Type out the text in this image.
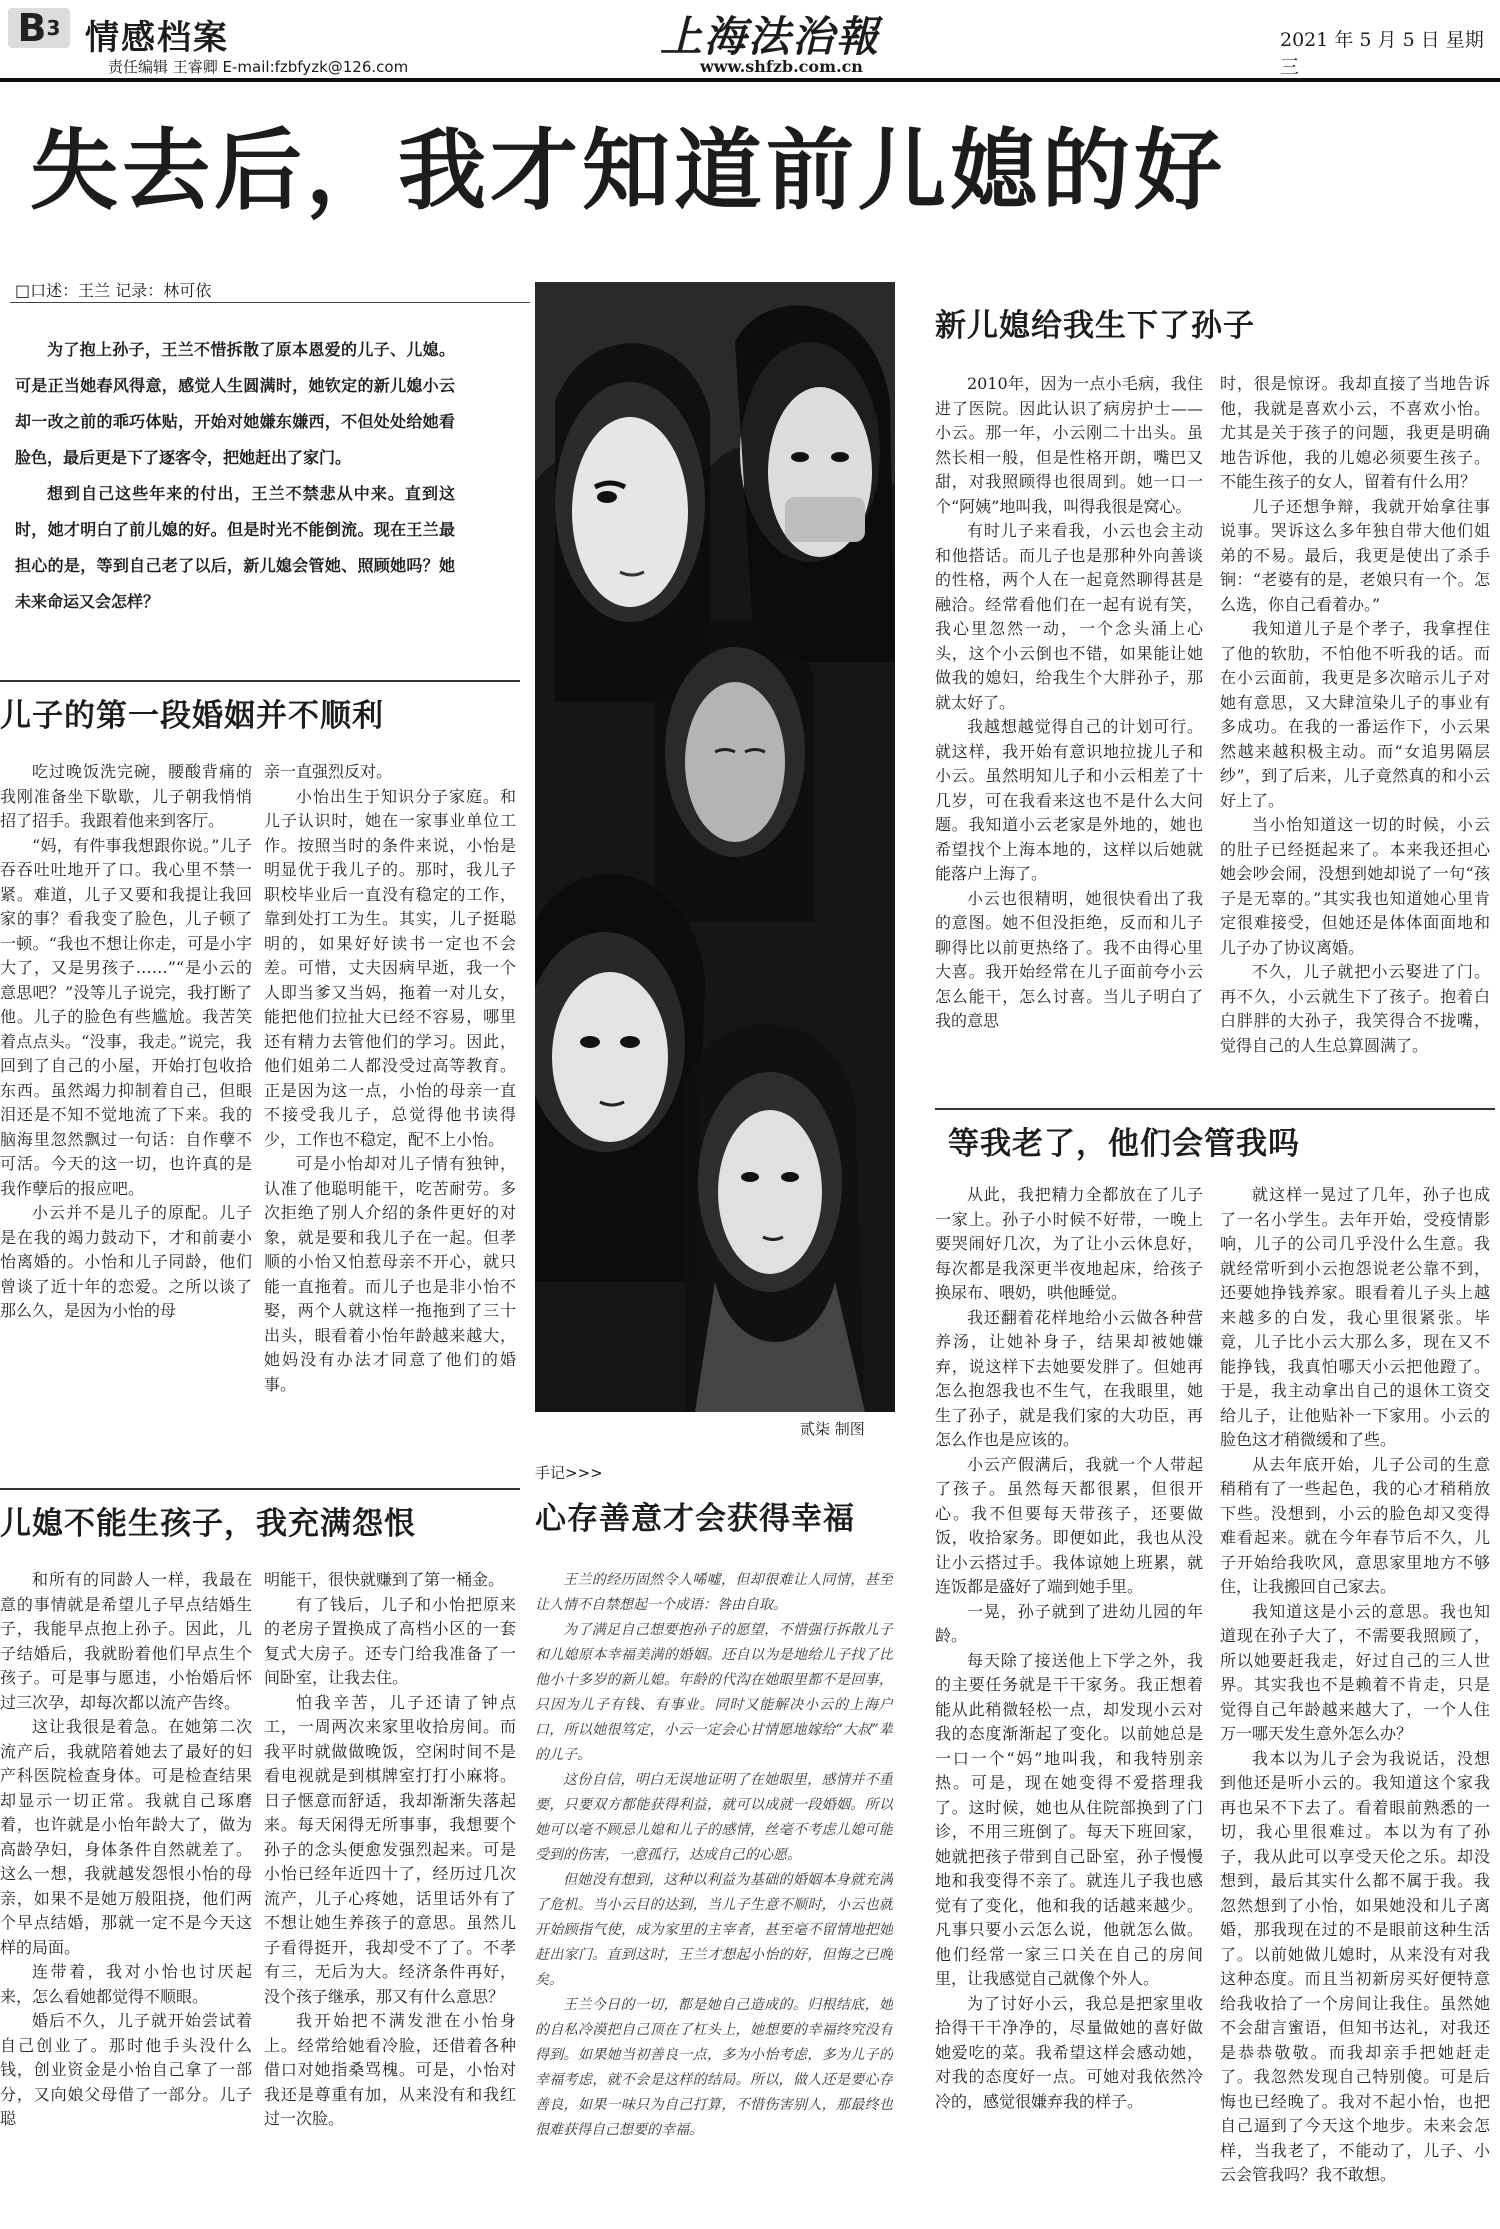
B3 情感档案
责任编辑 王睿卿 E-mail:fzbfyzk@126.com
上海法治報
www.shfzb.com.cn
2021 年 5 月 5 日 星期三
失去后，我才知道前儿媳的好
□口述：王兰 记录：林可依

为了抱上孙子，王兰不惜拆散了原本恩爱的儿子、儿媳。可是正当她春风得意，感觉人生圆满时，她钦定的新儿媳小云却一改之前的乖巧体贴，开始对她嫌东嫌西，不但处处给她看脸色，最后更是下了逐客令，把她赶出了家门。

想到自己这些年来的付出，王兰不禁悲从中来。直到这时，她才明白了前儿媳的好。但是时光不能倒流。现在王兰最担心的是，等到自己老了以后，新儿媳会管她、照顾她吗？她未来命运又会怎样？

儿子的第一段婚姻并不顺利

吃过晚饭洗完碗，腰酸背痛的我刚准备坐下歇歇，儿子朝我悄悄招了招手。我跟着他来到客厅。

“妈，有件事我想跟你说。”儿子吞吞吐吐地开了口。我心里不禁一紧。难道，儿子又要和我提让我回家的事？看我变了脸色，儿子顿了一顿。“我也不想让你走，可是小宇大了，又是男孩子……”“是小云的意思吧？”没等儿子说完，我打断了他。儿子的脸色有些尴尬。我苦笑着点点头。“没事，我走。”说完，我回到了自己的小屋，开始打包收拾东西。虽然竭力抑制着自己，但眼泪还是不知不觉地流了下来。我的脑海里忽然飘过一句话：自作孽不可活。今天的这一切，也许真的是我作孽后的报应吧。

小云并不是儿子的原配。儿子是在我的竭力鼓动下，才和前妻小怡离婚的。小怡和儿子同龄，他们曾谈了近十年的恋爱。之所以谈了那么久，是因为小怡的母

亲一直强烈反对。

小怡出生于知识分子家庭。和儿子认识时，她在一家事业单位工作。按照当时的条件来说，小怡是明显优于我儿子的。那时，我儿子职校毕业后一直没有稳定的工作，靠到处打工为生。其实，儿子挺聪明的，如果好好读书一定也不会差。可惜，丈夫因病早逝，我一个人即当爹又当妈，拖着一对儿女，能把他们拉扯大已经不容易，哪里还有精力去管他们的学习。因此，他们姐弟二人都没受过高等教育。正是因为这一点，小怡的母亲一直不接受我儿子，总觉得他书读得少，工作也不稳定，配不上小怡。

可是小怡却对儿子情有独钟，认准了他聪明能干，吃苦耐劳。多次拒绝了别人介绍的条件更好的对象，就是要和我儿子在一起。但孝顺的小怡又怕惹母亲不开心，就只能一直拖着。而儿子也是非小怡不娶，两个人就这样一拖拖到了三十出头，眼看着小怡年龄越来越大，她妈没有办法才同意了他们的婚事。

贰柒 制图
儿媳不能生孩子，我充满怨恨

和所有的同龄人一样，我最在意的事情就是希望儿子早点结婚生子，我能早点抱上孙子。因此，儿子结婚后，我就盼着他们早点生个孩子。可是事与愿违，小怡婚后怀过三次孕，却每次都以流产告终。

这让我很是着急。在她第二次流产后，我就陪着她去了最好的妇产科医院检查身体。可是检查结果却显示一切正常。我就自己琢磨着，也许就是小怡年龄大了，做为高龄孕妇，身体条件自然就差了。这么一想，我就越发怨恨小怡的母亲，如果不是她万般阻挠，他们两个早点结婚，那就一定不是今天这样的局面。

连带着，我对小怡也讨厌起来，怎么看她都觉得不顺眼。

婚后不久，儿子就开始尝试着自己创业了。那时他手头没什么钱，创业资金是小怡自己拿了一部分，又向娘父母借了一部分。儿子聪

明能干，很快就赚到了第一桶金。

有了钱后，儿子和小怡把原来的老房子置换成了高档小区的一套复式大房子。还专门给我准备了一间卧室，让我去住。

怕我辛苦，儿子还请了钟点工，一周两次来家里收拾房间。而我平时就做做晚饭，空闲时间不是看电视就是到棋牌室打打小麻将。日子惬意而舒适，我却渐渐失落起来。每天闲得无所事事，我想要个孙子的念头便愈发强烈起来。可是小怡已经年近四十了，经历过几次流产，儿子心疼她，话里话外有了不想让她生养孩子的意思。虽然儿子看得挺开，我却受不了了。不孝有三，无后为大。经济条件再好，没个孩子继承，那又有什么意思？

我开始把不满发泄在小怡身上。经常给她看冷脸，还借着各种借口对她指桑骂槐。可是，小怡对我还是尊重有加，从来没有和我红过一次脸。

手记>>>
心存善意才会获得幸福

王兰的经历固然令人唏嘘，但却很难让人同情，甚至让人情不自禁想起一个成语：咎由自取。

为了满足自己想要抱孙子的愿望，不惜强行拆散儿子和儿媳原本幸福美满的婚姻。还自以为是地给儿子找了比他小十多岁的新儿媳。年龄的代沟在她眼里都不是回事，只因为儿子有钱、有事业。同时又能解决小云的上海户口，所以她很笃定，小云一定会心甘情愿地嫁给“大叔”辈的儿子。

这份自信，明白无误地证明了在她眼里，感情并不重要，只要双方都能获得利益，就可以成就一段婚姻。所以她可以毫不顾忌儿媳和儿子的感情，丝毫不考虑儿媳可能受到的伤害，一意孤行，达成自己的心愿。

但她没有想到，这种以利益为基础的婚姻本身就充满了危机。当小云目的达到，当儿子生意不顺时，小云也就开始顾指气使，成为家里的主宰者，甚至毫不留情地把她赶出家门。直到这时，王兰才想起小怡的好，但悔之已晚矣。

王兰今日的一切，都是她自己造成的。归根结底，她的自私冷漠把自己顶在了杠头上，她想要的幸福终究没有得到。如果她当初善良一点，多为小怡考虑，多为儿子的幸福考虑，就不会是这样的结局。所以，做人还是要心存善良，如果一味只为自己打算，不惜伤害别人，那最终也很难获得自己想要的幸福。

新儿媳给我生下了孙子

2010年，因为一点小毛病，我住进了医院。因此认识了病房护士——小云。那一年，小云刚二十出头。虽然长相一般，但是性格开朗，嘴巴又甜，对我照顾得也很周到。她一口一个“阿姨”地叫我，叫得我很是窝心。

有时儿子来看我，小云也会主动和他搭话。而儿子也是那种外向善谈的性格，两个人在一起竟然聊得甚是融洽。经常看他们在一起有说有笑，我心里忽然一动，一个念头涌上心头，这个小云倒也不错，如果能让她做我的媳妇，给我生个大胖孙子，那就太好了。

我越想越觉得自己的计划可行。就这样，我开始有意识地拉拢儿子和小云。虽然明知儿子和小云相差了十几岁，可在我看来这也不是什么大问题。我知道小云老家是外地的，她也希望找个上海本地的，这样以后她就能落户上海了。

小云也很精明，她很快看出了我的意图。她不但没拒绝，反而和儿子聊得比以前更热络了。我不由得心里大喜。我开始经常在儿子面前夸小云怎么能干，怎么讨喜。当儿子明白了我的意思

时，很是惊讶。我却直接了当地告诉他，我就是喜欢小云，不喜欢小怡。尤其是关于孩子的问题，我更是明确地告诉他，我的儿媳必须要生孩子。不能生孩子的女人，留着有什么用？

儿子还想争辩，我就开始拿往事说事。哭诉这么多年独自带大他们姐弟的不易。最后，我更是使出了杀手锏：“老婆有的是，老娘只有一个。怎么选，你自己看着办。”

我知道儿子是个孝子，我拿捏住了他的软肋，不怕他不听我的话。而在小云面前，我更是多次暗示儿子对她有意思，又大肆渲染儿子的事业有多成功。在我的一番运作下，小云果然越来越积极主动。而“女追男隔层纱”，到了后来，儿子竟然真的和小云好上了。

当小怡知道这一切的时候，小云的肚子已经挺起来了。本来我还担心她会吵会闹，没想到她却说了一句“孩子是无辜的。”其实我也知道她心里肯定很难接受，但她还是体体面面地和儿子办了协议离婚。

不久，儿子就把小云娶进了门。再不久，小云就生下了孩子。抱着白白胖胖的大孙子，我笑得合不拢嘴，觉得自己的人生总算圆满了。

等我老了，他们会管我吗

从此，我把精力全都放在了儿子一家上。孙子小时候不好带，一晚上要哭闹好几次，为了让小云休息好，每次都是我深更半夜地起床，给孩子换尿布、喂奶，哄他睡觉。

我还翻着花样地给小云做各种营养汤，让她补身子，结果却被她嫌弃，说这样下去她要发胖了。但她再怎么抱怨我也不生气，在我眼里，她生了孙子，就是我们家的大功臣，再怎么作也是应该的。

小云产假满后，我就一个人带起了孩子。虽然每天都很累，但很开心。我不但要每天带孩子，还要做饭，收拾家务。即便如此，我也从没让小云搭过手。我体谅她上班累，就连饭都是盛好了端到她手里。

一晃，孙子就到了进幼儿园的年龄。

每天除了接送他上下学之外，我的主要任务就是干干家务。我正想着能从此稍微轻松一点，却发现小云对我的态度渐渐起了变化。以前她总是一口一个“妈”地叫我，和我特别亲热。可是，现在她变得不爱搭理我了。这时候，她也从住院部换到了门诊，不用三班倒了。每天下班回家，她就把孩子带到自己卧室，孙子慢慢地和我变得不亲了。就连儿子我也感觉有了变化，他和我的话越来越少。凡事只要小云怎么说，他就怎么做。他们经常一家三口关在自己的房间里，让我感觉自己就像个外人。

为了讨好小云，我总是把家里收拾得干干净净的，尽量做她的喜好做她爱吃的菜。我希望这样会感动她，对我的态度好一点。可她对我依然冷冷的，感觉很嫌弃我的样子。

就这样一晃过了几年，孙子也成了一名小学生。去年开始，受疫情影响，儿子的公司几乎没什么生意。我就经常听到小云抱怨说老公靠不到，还要她挣钱养家。眼看着儿子头上越来越多的白发，我心里很紧张。毕竟，儿子比小云大那么多，现在又不能挣钱，我真怕哪天小云把他蹬了。于是，我主动拿出自己的退休工资交给儿子，让他贴补一下家用。小云的脸色这才稍微缓和了些。

从去年底开始，儿子公司的生意稍稍有了一些起色，我的心才稍稍放下些。没想到，小云的脸色却又变得难看起来。就在今年春节后不久，儿子开始给我吹风，意思家里地方不够住，让我搬回自己家去。

我知道这是小云的意思。我也知道现在孙子大了，不需要我照顾了，所以她要赶我走，好过自己的三人世界。其实我也不是赖着不肯走，只是觉得自己年龄越来越大了，一个人住万一哪天发生意外怎么办？

我本以为儿子会为我说话，没想到他还是听小云的。我知道这个家我再也呆不下去了。看着眼前熟悉的一切，我心里很难过。本以为有了孙子，我从此可以享受天伦之乐。却没想到，最后其实什么都不属于我。我忽然想到了小怡，如果她没和儿子离婚，那我现在过的不是眼前这种生活了。以前她做儿媳时，从来没有对我这种态度。而且当初新房买好便特意给我收拾了一个房间让我住。虽然她不会甜言蜜语，但知书达礼，对我还是恭恭敬敬。而我却亲手把她赶走了。我忽然发现自己特别傻。可是后悔也已经晚了。我对不起小怡，也把自己逼到了今天这个地步。未来会怎样，当我老了，不能动了，儿子、小云会管我吗？我不敢想。
